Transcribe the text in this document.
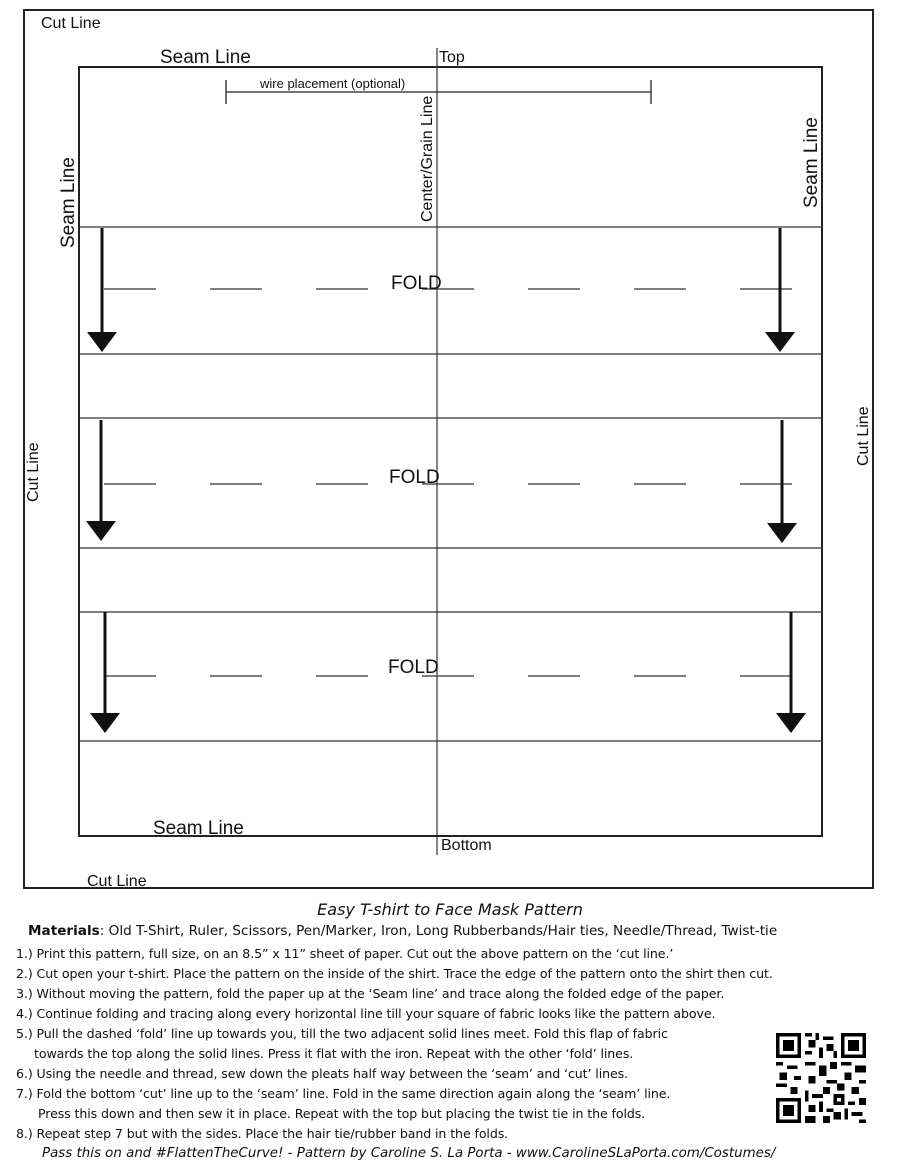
Cut Line
Seam Line	Top
wire placement (optional)
Center/Grain Line
Seam Line	Seam Line
Cut Line
Cut Line
FOLD
FOLD
FOLD
Seam Line
Bottom
Cut Line
Easy T-shirt to Face Mask Pattern
Materials: Old T-Shirt, Ruler, Scissors, Pen/Marker, Iron, Long Rubberbands/Hair ties, Needle/Thread, Twist-tie
1.) Print this pattern, full size, on an 8.5” x 11” sheet of paper. Cut out the above pattern on the ‘cut line.’
2.) Cut open your t-shirt. Place the pattern on the inside of the shirt. Trace the edge of the pattern onto the shirt then cut.
3.) Without moving the pattern, fold the paper up at the ‘Seam line’ and trace along the folded edge of the paper.
4.) Continue folding and tracing along every horizontal line till your square of fabric looks like the pattern above.
5.) Pull the dashed ‘fold’ line up towards you, till the two adjacent solid lines meet. Fold this flap of fabric
towards the top along the solid lines. Press it flat with the iron. Repeat with the other ‘fold’ lines.
6.) Using the needle and thread, sew down the pleats half way between the ‘seam’ and ‘cut’ lines.
7.) Fold the bottom ‘cut’ line up to the ‘seam’ line. Fold in the same direction again along the ‘seam’ line.
Press this down and then sew it in place. Repeat with the top but placing the twist tie in the folds.
8.) Repeat step 7 but with the sides. Place the hair tie/rubber band in the folds.
Pass this on and #FlattenTheCurve! - Pattern by Caroline S. La Porta - www.CarolineSLaPorta.com/Costumes/
